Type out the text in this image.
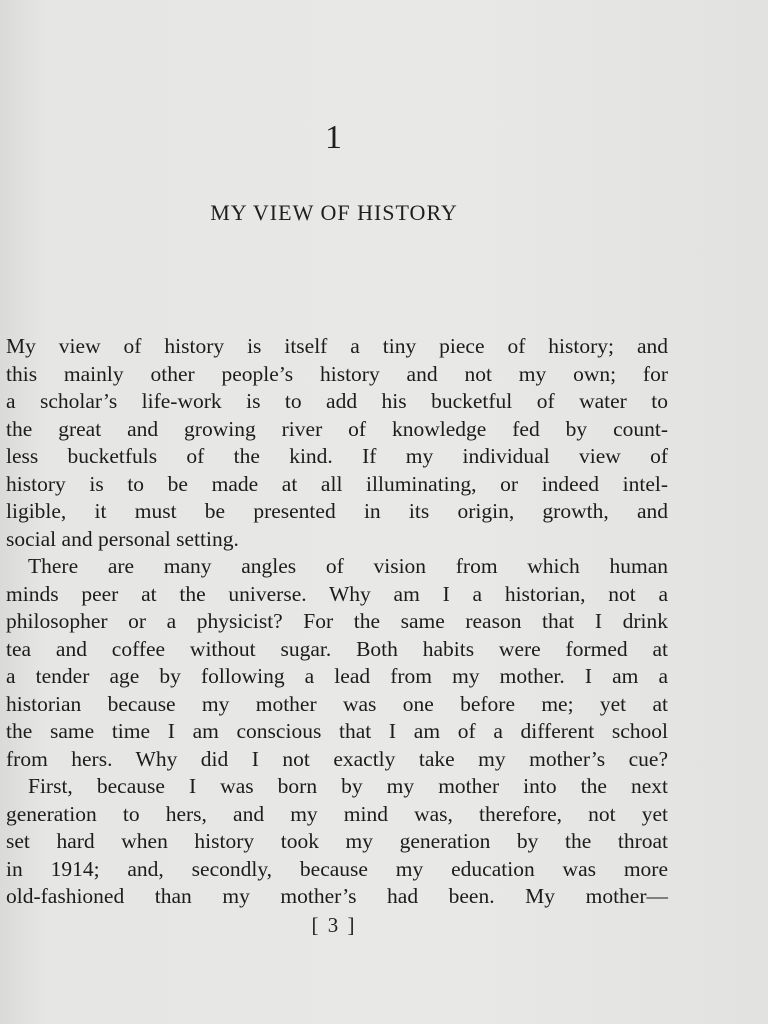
1
MY VIEW OF HISTORY
My view of history is itself a tiny piece of history; and
this mainly other people’s history and not my own; for
a scholar’s life-work is to add his bucketful of water to
the great and growing river of knowledge fed by count-
less bucketfuls of the kind. If my individual view of
history is to be made at all illuminating, or indeed intel-
ligible, it must be presented in its origin, growth, and
social and personal setting.
There are many angles of vision from which human
minds peer at the universe. Why am I a historian, not a
philosopher or a physicist? For the same reason that I drink
tea and coffee without sugar. Both habits were formed at
a tender age by following a lead from my mother. I am a
historian because my mother was one before me; yet at
the same time I am conscious that I am of a different school
from hers. Why did I not exactly take my mother’s cue?
First, because I was born by my mother into the next
generation to hers, and my mind was, therefore, not yet
set hard when history took my generation by the throat
in 1914; and, secondly, because my education was more
old-fashioned than my mother’s had been. My mother—
[ 3 ]
